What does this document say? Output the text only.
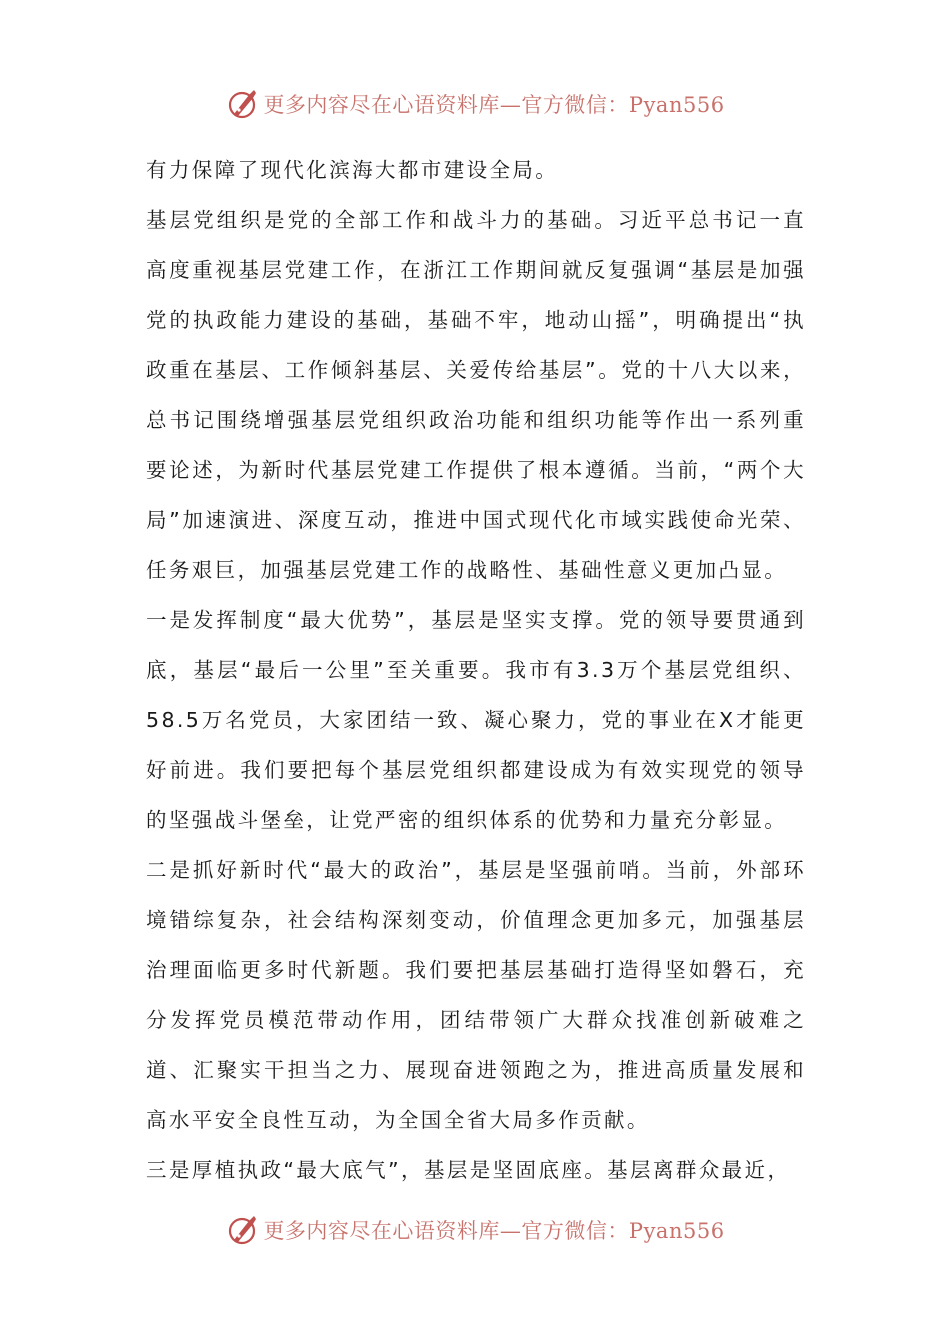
更多内容尽在心语资料库—官方微信：Pyan556

有力保障了现代化滨海大都市建设全局。

基层党组织是党的全部工作和战斗力的基础。习近平总书记一直高度重视基层党建工作，在浙江工作期间就反复强调“基层是加强党的执政能力建设的基础，基础不牢，地动山摇”，明确提出“执政重在基层、工作倾斜基层、关爱传给基层”。党的十八大以来，总书记围绕增强基层党组织政治功能和组织功能等作出一系列重要论述，为新时代基层党建工作提供了根本遵循。当前，“两个大局”加速演进、深度互动，推进中国式现代化市域实践使命光荣、任务艰巨，加强基层党建工作的战略性、基础性意义更加凸显。

一是发挥制度“最大优势”，基层是坚实支撑。党的领导要贯通到底，基层“最后一公里”至关重要。我市有3.3万个基层党组织、58.5万名党员，大家团结一致、凝心聚力，党的事业在X才能更好前进。我们要把每个基层党组织都建设成为有效实现党的领导的坚强战斗堡垒，让党严密的组织体系的优势和力量充分彰显。

二是抓好新时代“最大的政治”，基层是坚强前哨。当前，外部环境错综复杂，社会结构深刻变动，价值理念更加多元，加强基层治理面临更多时代新题。我们要把基层基础打造得坚如磐石，充分发挥党员模范带动作用，团结带领广大群众找准创新破难之道、汇聚实干担当之力、展现奋进领跑之为，推进高质量发展和高水平安全良性互动，为全国全省大局多作贡献。

三是厚植执政“最大底气”，基层是坚固底座。基层离群众最近，

更多内容尽在心语资料库—官方微信：Pyan556
